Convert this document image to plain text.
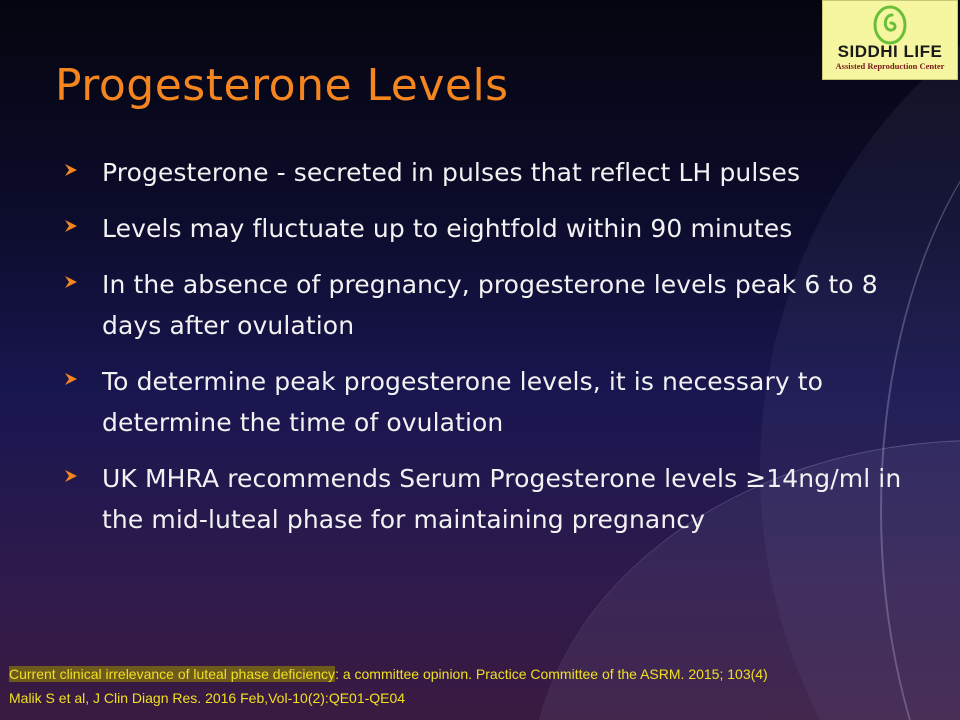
SIDDHI LIFE
Assisted Reproduction Center
Progesterone Levels
Progesterone - secreted in pulses that reflect LH pulses
Levels may fluctuate up to eightfold within 90 minutes
In the absence of pregnancy, progesterone levels peak 6 to 8 days after ovulation
To determine peak progesterone levels, it is necessary to determine the time of ovulation
UK MHRA recommends Serum Progesterone levels ≥14ng/ml in the mid-luteal phase for maintaining pregnancy
Current clinical irrelevance of luteal phase deficiency: a committee opinion. Practice Committee of the ASRM. 2015; 103(4)
Malik S et al, J Clin Diagn Res. 2016 Feb,Vol-10(2):QE01-QE04
